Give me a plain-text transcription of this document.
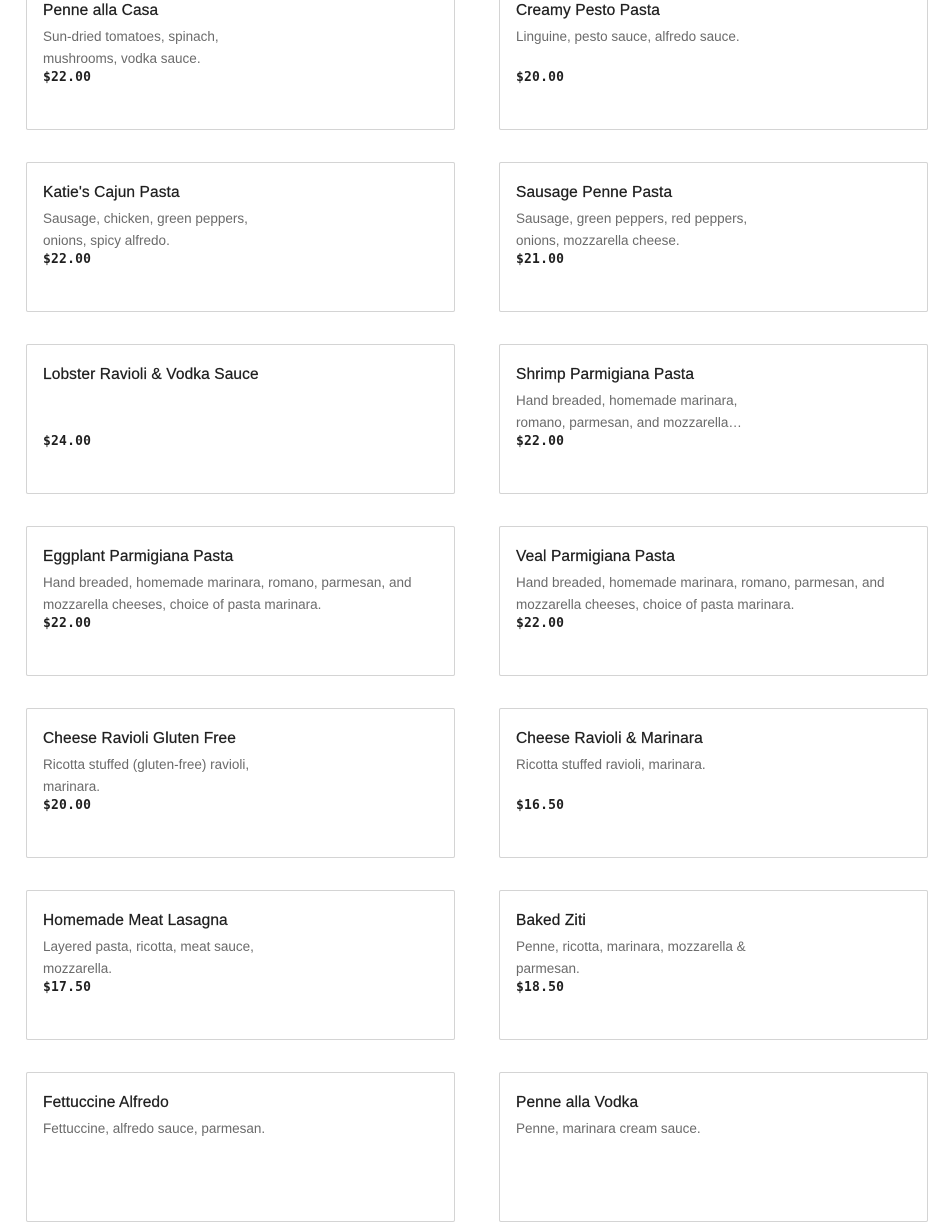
Penne alla Casa
Sun-dried tomatoes, spinach, mushrooms, vodka sauce.
$22.00
Creamy Pesto Pasta
Linguine, pesto sauce, alfredo sauce.
$20.00
Katie's Cajun Pasta
Sausage, chicken, green peppers, onions, spicy alfredo.
$22.00
Sausage Penne Pasta
Sausage, green peppers, red peppers, onions, mozzarella cheese.
$21.00
Lobster Ravioli & Vodka Sauce
$24.00
Shrimp Parmigiana Pasta
Hand breaded, homemade marinara, romano, parmesan, and mozzarella…
$22.00
Eggplant Parmigiana Pasta
Hand breaded, homemade marinara, romano, parmesan, and mozzarella cheeses, choice of pasta marinara.
$22.00
Veal Parmigiana Pasta
Hand breaded, homemade marinara, romano, parmesan, and mozzarella cheeses, choice of pasta marinara.
$22.00
Cheese Ravioli Gluten Free
Ricotta stuffed (gluten-free) ravioli, marinara.
$20.00
Cheese Ravioli & Marinara
Ricotta stuffed ravioli, marinara.
$16.50
Homemade Meat Lasagna
Layered pasta, ricotta, meat sauce, mozzarella.
$17.50
Baked Ziti
Penne, ricotta, marinara, mozzarella & parmesan.
$18.50
Fettuccine Alfredo
Fettuccine, alfredo sauce, parmesan.
Penne alla Vodka
Penne, marinara cream sauce.
